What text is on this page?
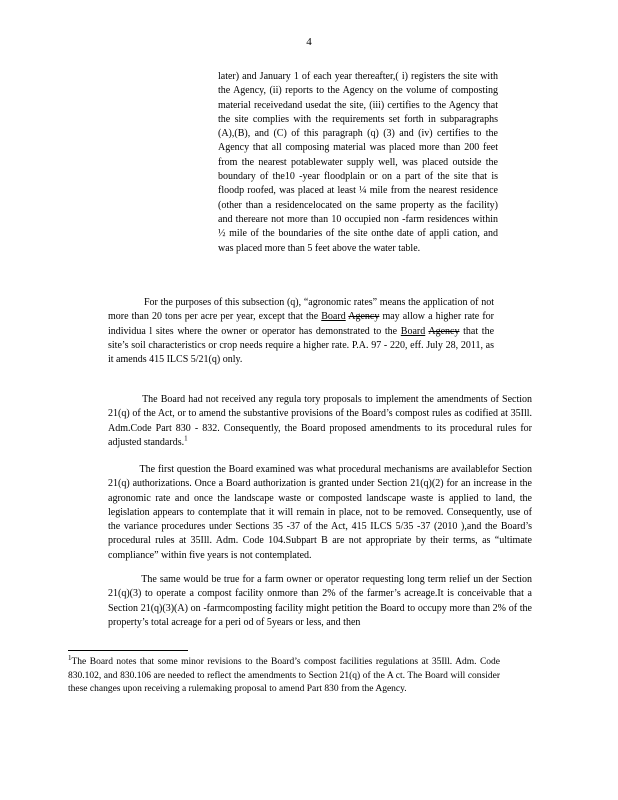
4

later) and January 1 of each year thereafter,( i) registers the site with the Agency, (ii) reports to the Agency on the volume of composting material receivedand usedat the site, (iii) certifies to the Agency that the site complies with the requirements set forth in subparagraphs (A),(B), and (C) of this paragraph (q) (3) and (iv) certifies to the Agency that all composing material was placed more than 200 feet from the nearest potablewater supply well, was placed outside the boundary of the10 -year floodplain or on a part of the site that is floodp roofed, was placed at least ¼ mile from the nearest residence (other than a residencelocated on the same property as the facility) and thereare not more than 10 occupied non -farm residences within ½ mile of the boundaries of the site onthe date of appli cation, and was placed more than 5 feet above the water table.

For the purposes of this subsection (q), “agronomic rates” means the application of not more than 20 tons per acre per year, except that the Board Agency may allow a higher rate for individua l sites where the owner or operator has demonstrated to the Board Agency that the site’s soil characteristics or crop needs require a higher rate. P.A. 97 - 220, eff. July 28, 2011, as it amends 415 ILCS 5/21(q) only.

The Board had not received any regula tory proposals to implement the amendments of Section 21(q) of the Act, or to amend the substantive provisions of the Board’s compost rules as codified at 35Ill. Adm.Code Part 830 - 832. Consequently, the Board proposed amendments to its procedural rules for adjusted standards.$^1$

The first question the Board examined was what procedural mechanisms are availablefor Section 21(q) authorizations. Once a Board authorization is granted under Section 21(q)(2) for an increase in the agronomic rate and once the landscape waste or composted landscape waste is applied to land, the legislation appears to contemplate that it will remain in place, not to be removed. Consequently, use of the variance procedures under Sections 35 -37 of the Act, 415 ILCS 5/35 -37 (2010 ),and the Board’s procedural rules at 35Ill. Adm. Code 104.Subpart B are not appropriate by their terms, as “ultimate compliance” within five years is not contemplated.

The same would be true for a farm owner or operator requesting long term relief un der Section 21(q)(3) to operate a compost facility onmore than 2% of the farmer’s acreage.It is conceivable that a Section 21(q)(3)(A) on -farmcomposting facility might petition the Board to occupy more than 2% of the property’s total acreage for a peri od of 5years or less, and then

$^1$The Board notes that some minor revisions to the Board’s compost facilities regulations at 35Ill. Adm. Code 830.102, and 830.106 are needed to reflect the amendments to Section 21(q) of the A ct. The Board will consider these changes upon receiving a rulemaking proposal to amend Part 830 from the Agency.
